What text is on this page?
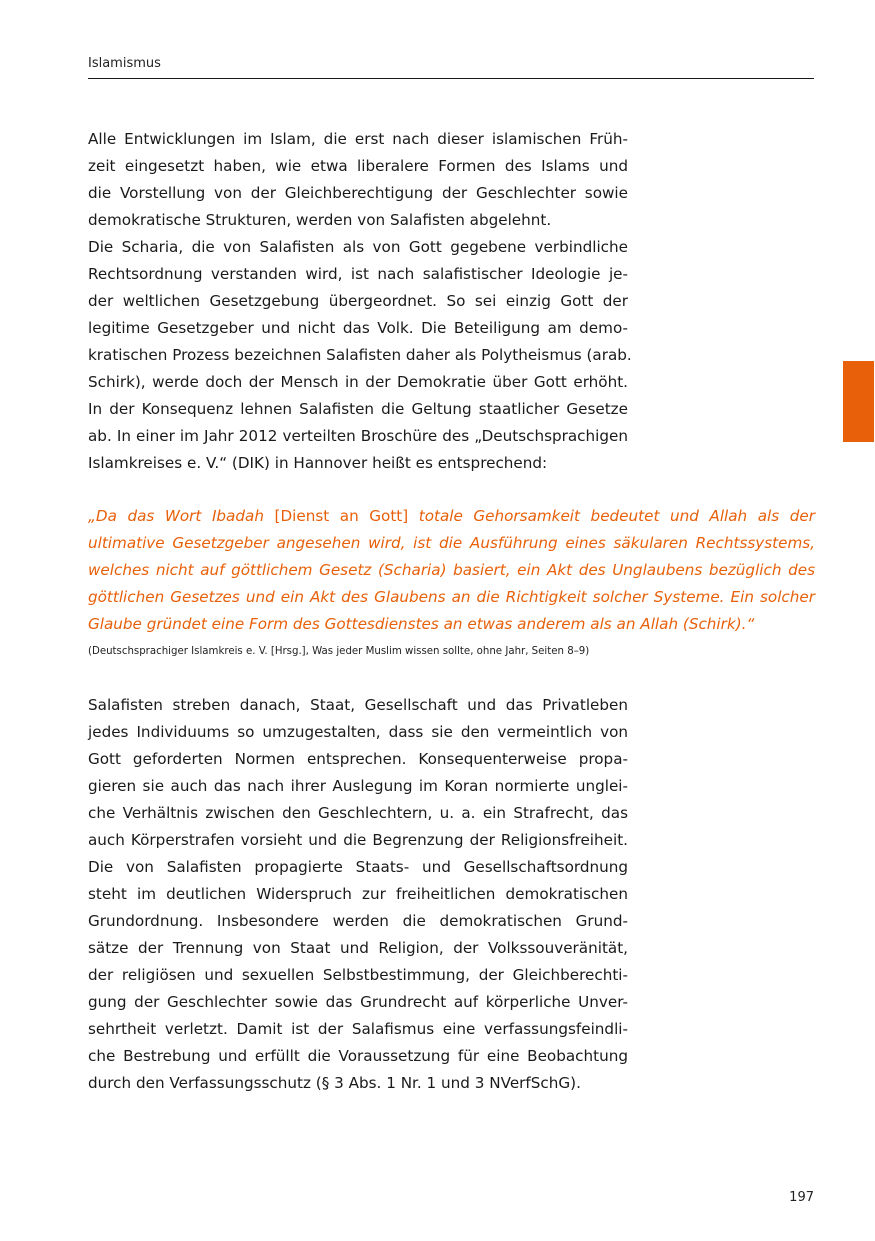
Islamismus
Alle Entwicklungen im Islam, die erst nach dieser islamischen Früh-
zeit eingesetzt haben, wie etwa liberalere Formen des Islams und
die Vorstellung von der Gleichberechtigung der Geschlechter sowie
demokratische Strukturen, werden von Salafisten abgelehnt.
Die Scharia, die von Salafisten als von Gott gegebene verbindliche
Rechtsordnung verstanden wird, ist nach salafistischer Ideologie je-
der weltlichen Gesetzgebung übergeordnet. So sei einzig Gott der
legitime Gesetzgeber und nicht das Volk. Die Beteiligung am demo-
kratischen Prozess bezeichnen Salafisten daher als Polytheismus (arab.
Schirk), werde doch der Mensch in der Demokratie über Gott erhöht.
In der Konsequenz lehnen Salafisten die Geltung staatlicher Gesetze
ab. In einer im Jahr 2012 verteilten Broschüre des „Deutschsprachigen
Islamkreises e. V.“ (DIK) in Hannover heißt es entsprechend:
„Da das Wort Ibadah [Dienst an Gott] totale Gehorsamkeit bedeutet und Allah als der
ultimative Gesetzgeber angesehen wird, ist die Ausführung eines säkularen Rechtssystems,
welches nicht auf göttlichem Gesetz (Scharia) basiert, ein Akt des Unglaubens bezüglich des
göttlichen Gesetzes und ein Akt des Glaubens an die Richtigkeit solcher Systeme. Ein solcher
Glaube gründet eine Form des Gottesdienstes an etwas anderem als an Allah (Schirk).“
(Deutschsprachiger Islamkreis e. V. [Hrsg.], Was jeder Muslim wissen sollte, ohne Jahr, Seiten 8–9)
Salafisten streben danach, Staat, Gesellschaft und das Privatleben
jedes Individuums so umzugestalten, dass sie den vermeintlich von
Gott geforderten Normen entsprechen. Konsequenterweise propa-
gieren sie auch das nach ihrer Auslegung im Koran normierte unglei-
che Verhältnis zwischen den Geschlechtern, u. a. ein Strafrecht, das
auch Körperstrafen vorsieht und die Begrenzung der Religionsfreiheit.
Die von Salafisten propagierte Staats- und Gesellschaftsordnung
steht im deutlichen Widerspruch zur freiheitlichen demokratischen
Grundordnung. Insbesondere werden die demokratischen Grund-
sätze der Trennung von Staat und Religion, der Volkssouveränität,
der religiösen und sexuellen Selbstbestimmung, der Gleichberechti-
gung der Geschlechter sowie das Grundrecht auf körperliche Unver-
sehrtheit verletzt. Damit ist der Salafismus eine verfassungsfeindli-
che Bestrebung und erfüllt die Voraussetzung für eine Beobachtung
durch den Verfassungsschutz (§ 3 Abs. 1 Nr. 1 und 3 NVerfSchG).
197
